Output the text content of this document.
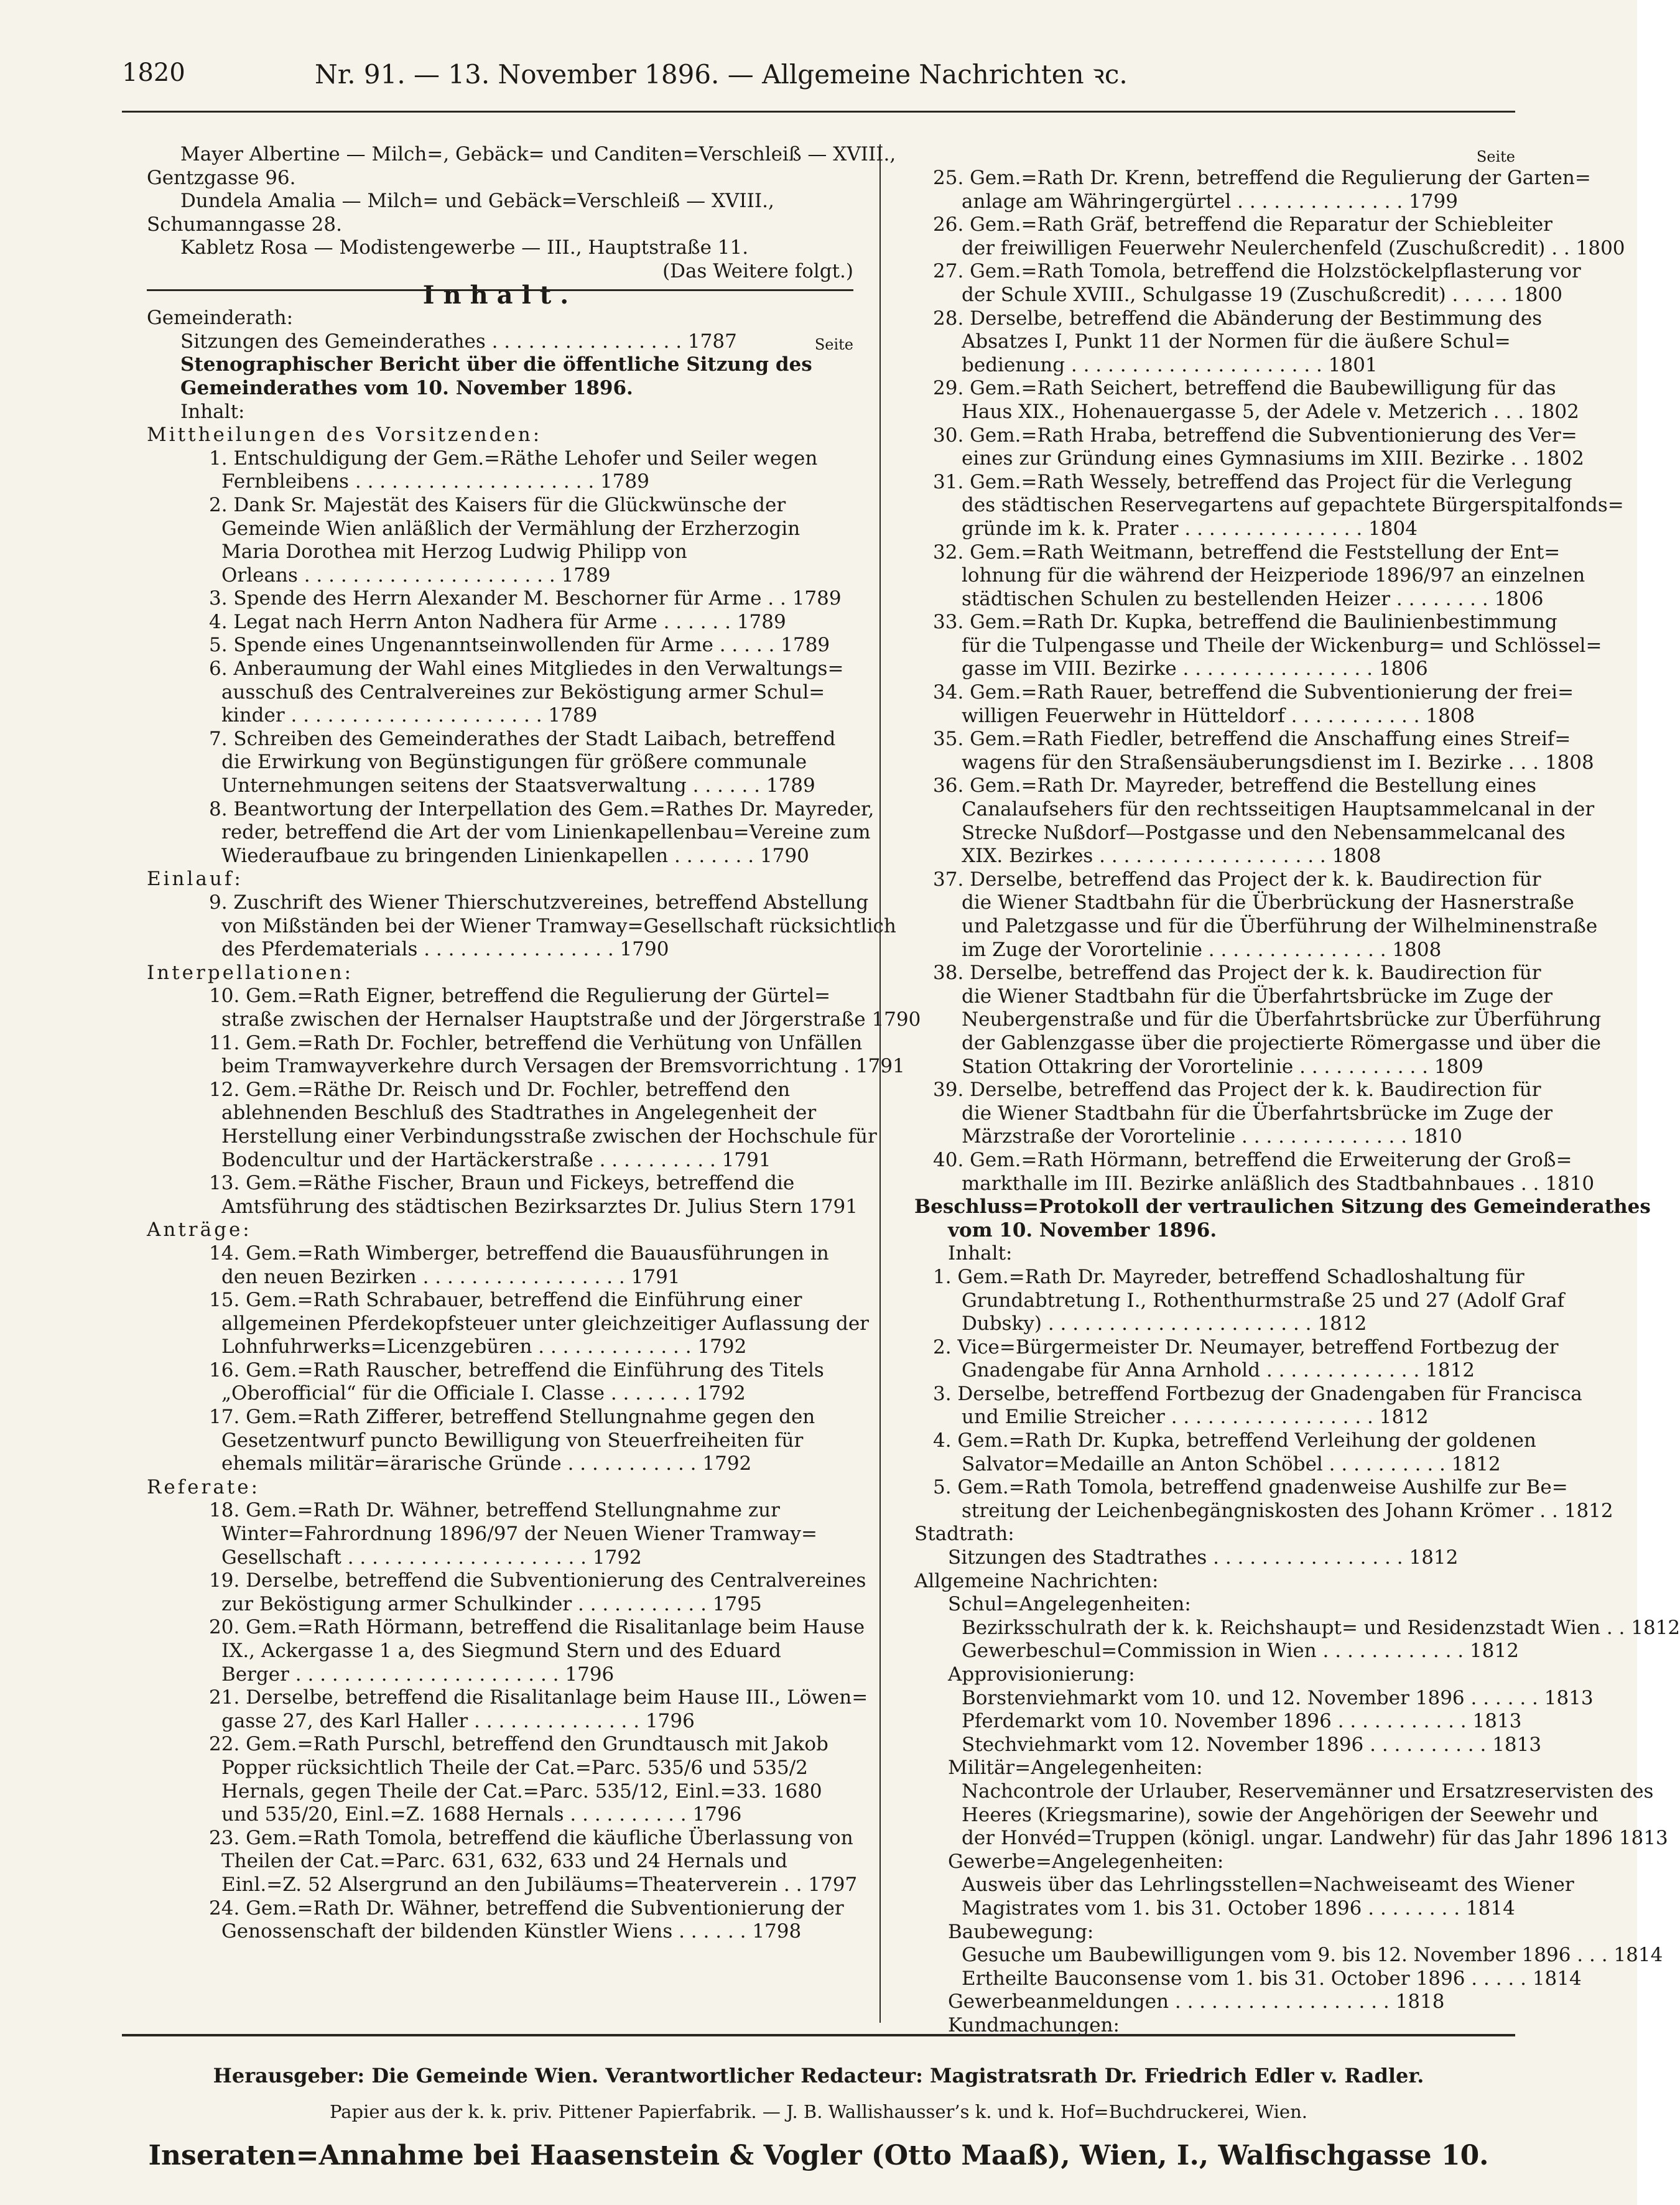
1820	Nr. 91. — 13. November 1896. — Allgemeine Nachrichten ꝛc.
Mayer Albertine — Milch=, Gebäck= und Canditen=Verschleiß — XVIII.,
Gentzgasse 96.
Dundela Amalia — Milch= und Gebäck=Verschleiß — XVIII.,
Schumanngasse 28.
Kabletz Rosa — Modistengewerbe — III., Hauptstraße 11.
(Das Weitere folgt.)
Inhalt.
Gemeinderath:
Sitzungen des Gemeinderathes . . . . . . . . . . . . . . . . 1787
Stenographischer Bericht über die öffentliche Sitzung des
Gemeinderathes vom 10. November 1896.
Inhalt:
Mittheilungen des Vorsitzenden:
1. Entschuldigung der Gem.=Räthe Lehofer und Seiler wegen
Fernbleibens . . . . . . . . . . . . . . . . . . . . 1789
2. Dank Sr. Majestät des Kaisers für die Glückwünsche der
Gemeinde Wien anläßlich der Vermählung der Erzherzogin
Maria Dorothea mit Herzog Ludwig Philipp von
Orleans . . . . . . . . . . . . . . . . . . . . . 1789
3. Spende des Herrn Alexander M. Beschorner für Arme . . 1789
4. Legat nach Herrn Anton Nadhera für Arme . . . . . . 1789
5. Spende eines Ungenanntseinwollenden für Arme . . . . . 1789
6. Anberaumung der Wahl eines Mitgliedes in den Verwaltungs=
ausschuß des Centralvereines zur Beköstigung armer Schul=
kinder . . . . . . . . . . . . . . . . . . . . . 1789
7. Schreiben des Gemeinderathes der Stadt Laibach, betreffend
die Erwirkung von Begünstigungen für größere communale
Unternehmungen seitens der Staatsverwaltung . . . . . . 1789
8. Beantwortung der Interpellation des Gem.=Rathes Dr. Mayreder,
reder, betreffend die Art der vom Linienkapellenbau=Vereine zum
Wiederaufbaue zu bringenden Linienkapellen . . . . . . . 1790
Einlauf:
9. Zuschrift des Wiener Thierschutzvereines, betreffend Abstellung
von Mißständen bei der Wiener Tramway=Gesellschaft rücksichtlich
des Pferdematerials . . . . . . . . . . . . . . . . 1790
Interpellationen:
10. Gem.=Rath Eigner, betreffend die Regulierung der Gürtel=
straße zwischen der Hernalser Hauptstraße und der Jörgerstraße 1790
11. Gem.=Rath Dr. Fochler, betreffend die Verhütung von Unfällen
beim Tramwayverkehre durch Versagen der Bremsvorrichtung . 1791
12. Gem.=Räthe Dr. Reisch und Dr. Fochler, betreffend den
ablehnenden Beschluß des Stadtrathes in Angelegenheit der
Herstellung einer Verbindungsstraße zwischen der Hochschule für
Bodencultur und der Hartäckerstraße . . . . . . . . . . 1791
13. Gem.=Räthe Fischer, Braun und Fickeys, betreffend die
Amtsführung des städtischen Bezirksarztes Dr. Julius Stern 1791
Anträge:
14. Gem.=Rath Wimberger, betreffend die Bauausführungen in
den neuen Bezirken . . . . . . . . . . . . . . . . . 1791
15. Gem.=Rath Schrabauer, betreffend die Einführung einer
allgemeinen Pferdekopfsteuer unter gleichzeitiger Auflassung der
Lohnfuhrwerks=Licenzgebüren . . . . . . . . . . . . . 1792
16. Gem.=Rath Rauscher, betreffend die Einführung des Titels
„Oberofficial“ für die Officiale I. Classe . . . . . . . 1792
17. Gem.=Rath Zifferer, betreffend Stellungnahme gegen den
Gesetzentwurf puncto Bewilligung von Steuerfreiheiten für
ehemals militär=ärarische Gründe . . . . . . . . . . . 1792
Referate:
18. Gem.=Rath Dr. Wähner, betreffend Stellungnahme zur
Winter=Fahrordnung 1896/97 der Neuen Wiener Tramway=
Gesellschaft . . . . . . . . . . . . . . . . . . . . 1792
19. Derselbe, betreffend die Subventionierung des Centralvereines
zur Beköstigung armer Schulkinder . . . . . . . . . . . 1795
20. Gem.=Rath Hörmann, betreffend die Risalitanlage beim Hause
IX., Ackergasse 1 a, des Siegmund Stern und des Eduard
Berger . . . . . . . . . . . . . . . . . . . . . . 1796
21. Derselbe, betreffend die Risalitanlage beim Hause III., Löwen=
gasse 27, des Karl Haller . . . . . . . . . . . . . . 1796
22. Gem.=Rath Purschl, betreffend den Grundtausch mit Jakob
Popper rücksichtlich Theile der Cat.=Parc. 535/6 und 535/2
Hernals, gegen Theile der Cat.=Parc. 535/12, Einl.=33. 1680
und 535/20, Einl.=Z. 1688 Hernals . . . . . . . . . . 1796
23. Gem.=Rath Tomola, betreffend die käufliche Überlassung von
Theilen der Cat.=Parc. 631, 632, 633 und 24 Hernals und
Einl.=Z. 52 Alsergrund an den Jubiläums=Theaterverein . . 1797
24. Gem.=Rath Dr. Wähner, betreffend die Subventionierung der
Genossenschaft der bildenden Künstler Wiens . . . . . . 1798
Seite
Seite
25. Gem.=Rath Dr. Krenn, betreffend die Regulierung der Garten=
anlage am Währingergürtel . . . . . . . . . . . . . . 1799
26. Gem.=Rath Gräf, betreffend die Reparatur der Schiebleiter
der freiwilligen Feuerwehr Neulerchenfeld (Zuschußcredit) . . 1800
27. Gem.=Rath Tomola, betreffend die Holzstöckelpflasterung vor
der Schule XVIII., Schulgasse 19 (Zuschußcredit) . . . . . 1800
28. Derselbe, betreffend die Abänderung der Bestimmung des
Absatzes I, Punkt 11 der Normen für die äußere Schul=
bedienung . . . . . . . . . . . . . . . . . . . . . 1801
29. Gem.=Rath Seichert, betreffend die Baubewilligung für das
Haus XIX., Hohenauergasse 5, der Adele v. Metzerich . . . 1802
30. Gem.=Rath Hraba, betreffend die Subventionierung des Ver=
eines zur Gründung eines Gymnasiums im XIII. Bezirke . . 1802
31. Gem.=Rath Wessely, betreffend das Project für die Verlegung
des städtischen Reservegartens auf gepachtete Bürgerspitalfonds=
gründe im k. k. Prater . . . . . . . . . . . . . . . 1804
32. Gem.=Rath Weitmann, betreffend die Feststellung der Ent=
lohnung für die während der Heizperiode 1896/97 an einzelnen
städtischen Schulen zu bestellenden Heizer . . . . . . . . 1806
33. Gem.=Rath Dr. Kupka, betreffend die Baulinienbestimmung
für die Tulpengasse und Theile der Wickenburg= und Schlössel=
gasse im VIII. Bezirke . . . . . . . . . . . . . . . . 1806
34. Gem.=Rath Rauer, betreffend die Subventionierung der frei=
willigen Feuerwehr in Hütteldorf . . . . . . . . . . . 1808
35. Gem.=Rath Fiedler, betreffend die Anschaffung eines Streif=
wagens für den Straßensäuberungsdienst im I. Bezirke . . . 1808
36. Gem.=Rath Dr. Mayreder, betreffend die Bestellung eines
Canalaufsehers für den rechtsseitigen Hauptsammelcanal in der
Strecke Nußdorf—Postgasse und den Nebensammelcanal des
XIX. Bezirkes . . . . . . . . . . . . . . . . . . . 1808
37. Derselbe, betreffend das Project der k. k. Baudirection für
die Wiener Stadtbahn für die Überbrückung der Hasnerstraße
und Paletzgasse und für die Überführung der Wilhelminenstraße
im Zuge der Vorortelinie . . . . . . . . . . . . . . . 1808
38. Derselbe, betreffend das Project der k. k. Baudirection für
die Wiener Stadtbahn für die Überfahrtsbrücke im Zuge der
Neubergenstraße und für die Überfahrtsbrücke zur Überführung
der Gablenzgasse über die projectierte Römergasse und über die
Station Ottakring der Vorortelinie . . . . . . . . . . . 1809
39. Derselbe, betreffend das Project der k. k. Baudirection für
die Wiener Stadtbahn für die Überfahrtsbrücke im Zuge der
Märzstraße der Vorortelinie . . . . . . . . . . . . . . 1810
40. Gem.=Rath Hörmann, betreffend die Erweiterung der Groß=
markthalle im III. Bezirke anläßlich des Stadtbahnbaues . . 1810
Beschluss=Protokoll der vertraulichen Sitzung des Gemeinderathes
vom 10. November 1896.
Inhalt:
1. Gem.=Rath Dr. Mayreder, betreffend Schadloshaltung für
Grundabtretung I., Rothenthurmstraße 25 und 27 (Adolf Graf
Dubsky) . . . . . . . . . . . . . . . . . . . . . . 1812
2. Vice=Bürgermeister Dr. Neumayer, betreffend Fortbezug der
Gnadengabe für Anna Arnhold . . . . . . . . . . . . . 1812
3. Derselbe, betreffend Fortbezug der Gnadengaben für Francisca
und Emilie Streicher . . . . . . . . . . . . . . . . . 1812
4. Gem.=Rath Dr. Kupka, betreffend Verleihung der goldenen
Salvator=Medaille an Anton Schöbel . . . . . . . . . . 1812
5. Gem.=Rath Tomola, betreffend gnadenweise Aushilfe zur Be=
streitung der Leichenbegängniskosten des Johann Krömer . . 1812
Stadtrath:
Sitzungen des Stadtrathes . . . . . . . . . . . . . . . . 1812
Allgemeine Nachrichten:
Schul=Angelegenheiten:
Bezirksschulrath der k. k. Reichshaupt= und Residenzstadt Wien . . 1812
Gewerbeschul=Commission in Wien . . . . . . . . . . . . 1812
Approvisionierung:
Borstenviehmarkt vom 10. und 12. November 1896 . . . . . . 1813
Pferdemarkt vom 10. November 1896 . . . . . . . . . . . 1813
Stechviehmarkt vom 12. November 1896 . . . . . . . . . . 1813
Militär=Angelegenheiten:
Nachcontrole der Urlauber, Reservemänner und Ersatzreservisten des
Heeres (Kriegsmarine), sowie der Angehörigen der Seewehr und
der Honvéd=Truppen (königl. ungar. Landwehr) für das Jahr 1896 1813
Gewerbe=Angelegenheiten:
Ausweis über das Lehrlingsstellen=Nachweiseamt des Wiener
Magistrates vom 1. bis 31. October 1896 . . . . . . . . 1814
Baubewegung:
Gesuche um Baubewilligungen vom 9. bis 12. November 1896 . . . 1814
Ertheilte Bauconsense vom 1. bis 31. October 1896 . . . . . 1814
Gewerbeanmeldungen . . . . . . . . . . . . . . . . . . 1818
Kundmachungen:
Herausgeber: Die Gemeinde Wien. Verantwortlicher Redacteur: Magistratsrath Dr. Friedrich Edler v. Radler.
Papier aus der k. k. priv. Pittener Papierfabrik. — J. B. Wallishausser’s k. und k. Hof=Buchdruckerei, Wien.
Inseraten=Annahme bei Haasenstein & Vogler (Otto Maaß), Wien, I., Walfischgasse 10.
